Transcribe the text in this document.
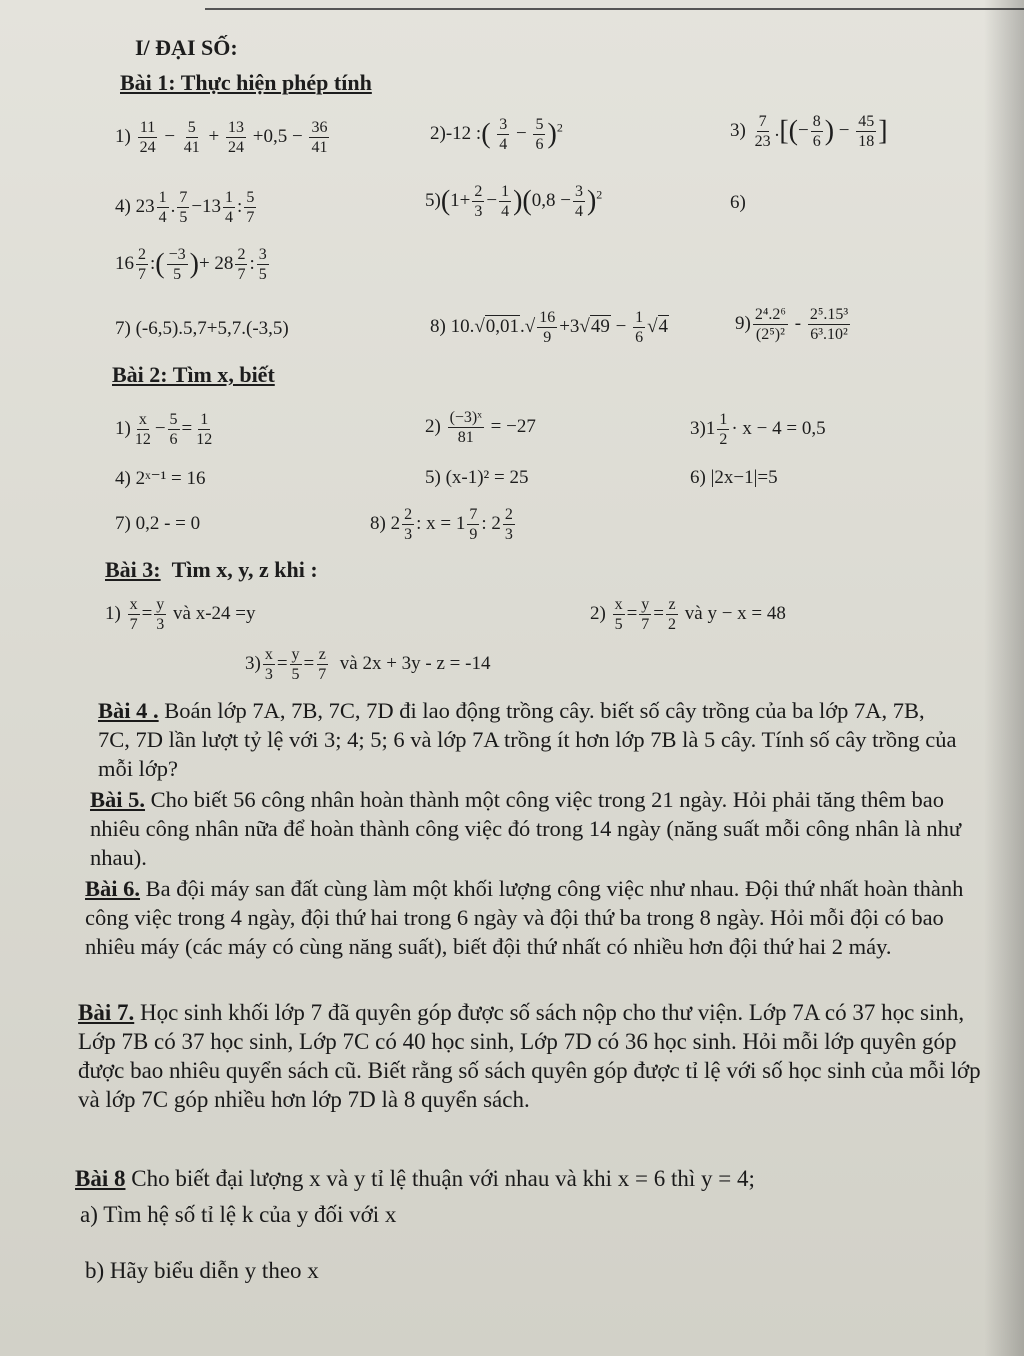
I/ ĐẠI SỐ:
Bài 1: Thực hiện phép tính
$1) \frac{11}{24} - \frac{5}{41} + \frac{13}{24} +0,5 - \frac{36}{41}$	2)-12 :( $\frac{3}{4} - \frac{5}{6} )^2$	$3) \frac{7}{23}$ .[(− $\frac{8}{6}$ ) − $\frac{45}{18}$ ]
4) $23 \frac{1}{4}$ . $\frac{7}{5} -13 \frac{1}{4}$ : $\frac{5}{7}$	$5)(1+ \frac{2}{3} - \frac{1}{4} )(0,8 - \frac{3}{4} )^2$	6)
$16 \frac{2}{7}$ :( $\frac{-3}{5}$ )+ $28 \frac{2}{7}$ : $\frac{3}{5}$
7) (-6,5).5,7+5,7.(-3,5)	8) $10.√0,01.√ \frac{16}{9} +3√49 - \frac{1}{6} √4$	$9) \frac{\text{2⁴.2⁶}}{\text{(2⁵)²}} - \frac{\text{2⁵.15³}}{\text{6³.10²}}$
Bài 2: Tìm x, biết
$1) \frac{x}{12} - \frac{5}{6} = \frac{1}{12}$	$2) \frac{\text{(−3)ˣ}}{81} = -27$	$3)1 \frac{1}{2} \cdot x - 4 = 0,5$
4) 2ˣ⁻¹ = 16	5) (x-1)² = 25	6) |2x−1|=5
7) 0,2 - = 0	8) $2 \frac{2}{3}$ : $x = 1 \frac{7}{9}$ : $2 \frac{2}{3}$
Bài 3: Tìm x, y, z khi :
$1) \frac{x}{7} = \frac{y}{3}$ và x-24 =y	$2) \frac{x}{5} = \frac{y}{7} = \frac{z}{2}$ và y − x = 48
$3) \frac{x}{3} = \frac{y}{5} = \frac{z}{7}$ và 2x + 3y - z = -14
Bài 4 . Boán lớp 7A, 7B, 7C, 7D đi lao động trồng cây. biết số cây trồng của ba lớp 7A, 7B, 7C, 7D lần lượt tỷ lệ với 3; 4; 5; 6 và lớp 7A trồng ít hơn lớp 7B là 5 cây. Tính số cây trồng của mỗi lớp?
Bài 5. Cho biết 56 công nhân hoàn thành một công việc trong 21 ngày. Hỏi phải tăng thêm bao nhiêu công nhân nữa để hoàn thành công việc đó trong 14 ngày (năng suất mỗi công nhân là như nhau).
Bài 6. Ba đội máy san đất cùng làm một khối lượng công việc như nhau. Đội thứ nhất hoàn thành công việc trong 4 ngày, đội thứ hai trong 6 ngày và đội thứ ba trong 8 ngày. Hỏi mỗi đội có bao nhiêu máy (các máy có cùng năng suất), biết đội thứ nhất có nhiều hơn đội thứ hai 2 máy.
Bài 7. Học sinh khối lớp 7 đã quyên góp được số sách nộp cho thư viện. Lớp 7A có 37 học sinh, Lớp 7B có 37 học sinh, Lớp 7C có 40 học sinh, Lớp 7D có 36 học sinh. Hỏi mỗi lớp quyên góp được bao nhiêu quyển sách cũ. Biết rằng số sách quyên góp được tỉ lệ với số học sinh của mỗi lớp và lớp 7C góp nhiều hơn lớp 7D là 8 quyển sách.
Bài 8 Cho biết đại lượng x và y tỉ lệ thuận với nhau và khi x = 6 thì y = 4;
a) Tìm hệ số tỉ lệ k của y đối với x
b) Hãy biểu diễn y theo x
